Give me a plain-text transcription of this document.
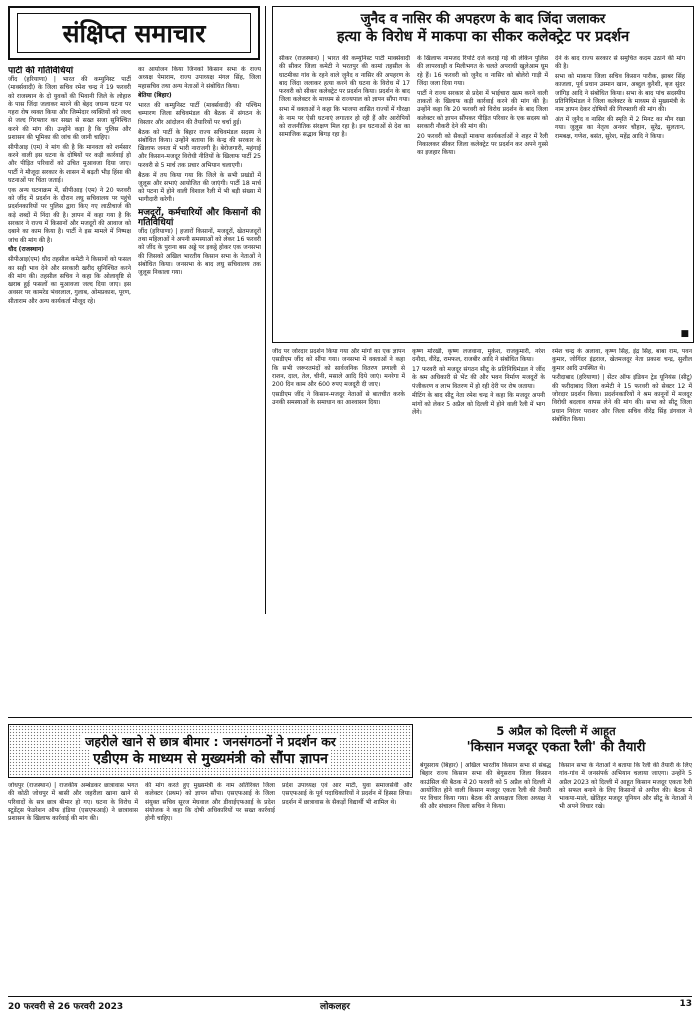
संक्षिप्त समाचार
पार्टी की गतिविधियां

जींद (हरियाणा) | भारत की कम्युनिस्ट पार्टी (मार्क्सवादी) के जिला सचिव रमेश चन्द्र ने 19 फरवरी को राजस्थान के दो युवकों की भिवानी जिले के लोहारु के पास जिंदा जलाकर मारने की बेहद जघन्य घटना पर गहरा रोष व्यक्त किया और जिम्मेदार व्यक्तियों को जल्द से जल्द गिरफ्तार कर सख्त से सख्त सजा सुनिश्चित करने की मांग की। उन्होंने कहा है कि पुलिस और प्रशासन की भूमिका की जांच की जानी चाहिए।

सीपीआइ (एम) ने मांग की है कि मानवता को शर्मसार करने वाली इस घटना के दोषियों पर कड़ी कार्रवाई हो और पीड़ित परिवारों को उचित मुआवजा दिया जाए। पार्टी ने मौजूदा सरकार के शासन में बढ़ती भीड़ हिंसा की घटनाओं पर चिंता जताई।

एक अन्य घटनाक्रम में, सीपीआइ (एम) ने 20 फरवरी को जींद में प्रदर्शन के दौरान लघु सचिवालय पर पहुंचे प्रदर्शनकारियों पर पुलिस द्वारा किए गए लाठीचार्ज की कड़े शब्दों में निंदा की है। ज्ञापन में कहा गया है कि सरकार ने राज्य में किसानों और मजदूरों की आवाज को दबाने का काम किया है। पार्टी ने इस मामले में निष्पक्ष जांच की मांग की है।

धौद (राजस्थान)

सीपीआइ(एम) धौद तहसील कमेटी ने किसानों को फसल का सही भाव देने और सरकारी खरीद सुनिश्चित करने की मांग की। तहसील सचिव ने कहा कि ओलावृष्टि से खराब हुई फसलों का मुआवजा जल्द दिया जाए। इस अवसर पर कामरेड भंवरलाल, गुलाब, ओमप्रकाश, पूरण, सीताराम और अन्य कार्यकर्ता मौजूद रहे।

का आयोजन किया जिनको किसान सभा के राज्य अध्यक्ष पेमाराम, राज्य उपाध्यक्ष मंगल सिंह, जिला महासचिव तथा अन्य नेताओं ने संबोधित किया।

बेतिया (बिहार)

भारत की कम्युनिस्ट पार्टी (मार्क्सवादी) की पश्चिम चम्पारण जिला सचिवमंडल की बैठक में संगठन के विस्तार और आंदोलन की तैयारियों पर चर्चा हुई।

बैठक को पार्टी के बिहार राज्य सचिवमंडल सदस्य ने संबोधित किया। उन्होंने बताया कि केन्द्र की सरकार के खिलाफ जनता में भारी नाराजगी है। बेरोजगारी, महंगाई और किसान-मजदूर विरोधी नीतियों के खिलाफ पार्टी 25 फरवरी से 5 मार्च तक प्रचार अभियान चलाएगी।

बैठक में तय किया गया कि जिले के सभी प्रखंडों में जुलूस और सभाएं आयोजित की जाएंगी। पार्टी 18 मार्च को पटना में होने वाली विशाल रैली में भी बड़ी संख्या में भागीदारी करेगी।

मजदूरों, कर्मचारियों और किसानों की गतिविधियां

जींद (हरियाणा) | हजारों किसानों, मजदूरों, खेतमजदूरों तथा महिलाओं ने अपनी समस्याओं को लेकर 16 फरवरी को जींद के पुराना बस अड्डे पर इकट्ठे होकर एक जनसभा की जिसको अखिल भारतीय किसान सभा के नेताओं ने संबोधित किया। जनसभा के बाद लघु सचिवालय तक जुलूस निकाला गया।

जुनैद व नासिर की अपहरण के बाद जिंदा जलाकर
हत्या के विरोध में माकपा का सीकर कलेक्ट्रेट पर प्रदर्शन

सीकर (राजस्थान) | भारत की कम्युनिस्ट पार्टी मार्क्सवादी की सीकर जिला कमेटी ने भरतपुर की कामां तहसील के घाटमीका गांव के रहने वाले जुनैद व नासिर की अपहरण के बाद जिंदा जलाकर हत्या करने की घटना के विरोध में 17 फरवरी को सीकर कलेक्ट्रेट पर प्रदर्शन किया। प्रदर्शन के बाद जिला कलेक्टर के माध्यम से राज्यपाल को ज्ञापन सौंपा गया।

सभा में वक्ताओं ने कहा कि भाजपा शासित राज्यों में गौरक्षा के नाम पर ऐसी घटनाएं लगातार हो रही हैं और आरोपियों को राजनीतिक संरक्षण मिल रहा है। इन घटनाओं से देश का सामाजिक सद्भाव बिगड़ रहा है।

के खिलाफ नामजद रिपोर्ट दर्ज कराई गई थी लेकिन पुलिस की लापरवाही व मिलीभगत के चलते अपराधी खुलेआम घूम रहे हैं। 16 फरवरी को जुनैद व नासिर को बोलेरो गाड़ी में जिंदा जला दिया गया।

पार्टी ने राज्य सरकार से प्रदेश में भाईचारा खत्म करने वाली ताकतों के खिलाफ कड़ी कार्रवाई करने की मांग की है। उन्होंने कहा कि 20 फरवरी को विरोध प्रदर्शन के बाद जिला कलेक्टर को ज्ञापन सौंपकर पीड़ित परिवार के एक सदस्य को सरकारी नौकरी देने की मांग की।

20 फरवरी को सैकड़ों माकपा कार्यकर्ताओं ने शहर में रैली निकालकर सीकर जिला कलेक्ट्रेट पर प्रदर्शन कर अपने गुस्से का इजहार किया।

देने के बाद राज्य सरकार से समुचित कदम उठाने की मांग की है।

सभा को माकपा जिला सचिव किसान पारीक, झाबर सिंह काजला, पूर्व प्रधान उस्मान खान, अब्दुल कुरैशी, बृज सुंदर जांगिड़ आदि ने संबोधित किया। सभा के बाद पांच सदस्यीय प्रतिनिधिमंडल ने जिला कलेक्टर के माध्यम से मुख्यमंत्री के नाम ज्ञापन देकर दोषियों की गिरफ्तारी की मांग की।

अंत में जुनैद व नासिर की स्मृति में 2 मिनट का मौन रखा गया। जुलूस का नेतृत्व अनवर चौहान, सुरेंद्र, सुलतान, रामबक्ष, गणेश, बसंत, सुरेश, महेंद्र आदि ने किया।

■

जींद पर जोरदार प्रदर्शन किया गया और मांगों का एक ज्ञापन एसडीएम जींद को सौंपा गया। जनसभा में वक्ताओं ने कहा कि सभी जरूरतमंदों को सार्वजनिक वितरण प्रणाली से राशन, दाल, तेल, चीनी, मसाले आदि दिये जाएं। मनरेगा में 200 दिन काम और 600 रुपए मजदूरी दी जाए।

एसडीएम जींद ने किसान-मजदूर नेताओं से बातचीत करके उनकी समस्याओं के समाधान का आश्वासन दिया।

कृष्ण मोरखी, कृष्ण लजवाना, मुकेश, राजकुमारी, नरेश दनौदा, वीरेंद्र, रामफल, राजबीर आदि ने संबोधित किया।

17 फरवरी को मजदूर संगठन सीटू के प्रतिनिधिमंडल ने जींद के श्रम अधिकारी से भेंट की और भवन निर्माण मजदूरों के पंजीकरण व लाभ वितरण में हो रही देरी पर रोष जताया।

मीटिंग के बाद सीटू नेता रमेश चन्द्र ने कहा कि मजदूर अपनी मांगों को लेकर 5 अप्रैल को दिल्ली में होने वाली रैली में भाग लेंगे।

रमेश चन्द्र के अलावा, कृष्ण सिंह, इंद्र सिंह, बाबा राम, पवन कुमार, जोगिंदर इंद्रराज, खेतमजदूर नेता प्रकाश चन्द्र, सुशील कुमार आदि उपस्थित थे।

फरीदाबाद (हरियाणा) | सेंटर ऑफ इंडियन ट्रेड यूनियंस (सीटू) की फरीदाबाद जिला कमेटी ने 15 फरवरी को सेक्टर 12 में जोरदार प्रदर्शन किया। प्रदर्शनकारियों ने श्रम कानूनों में मजदूर विरोधी बदलाव वापस लेने की मांग की। सभा को सीटू जिला प्रधान निरंतर पराशर और जिला सचिव वीरेंद्र सिंह डंगवाल ने संबोधित किया।

जहरीले खाने से छात्र बीमार : जनसंगठनों ने प्रदर्शन कर
एडीएम के माध्यम से मुख्यमंत्री को सौंपा ज्ञापन

जोधपुर (राजस्थान) | राजकीय अम्बेडकर छात्रावास भगत की कोठी जोधपुर में बासी और जहरीला खाना खाने से परिवादों के सत्र छात्र बीमार हो गए। घटना के विरोध में स्टूडेंट्स फेडरेशन ऑफ इंडिया (एसएफआई) ने छात्रावास प्रशासन के खिलाफ कार्रवाई की मांग की।

की मांग करते हुए मुख्यमंत्री के नाम अतिरिक्त जिला कलेक्टर (प्रथम) को ज्ञापन सौंपा। एसएफआई के जिला संयुक्त सचिव सूरज मेघवाल और डीवाईएफआई के प्रदेश संयोजक ने कहा कि दोषी अधिकारियों पर सख्त कार्रवाई होनी चाहिए।

प्रदेश उपाध्यक्ष एवं आर माटी, युवा समाजसेवी और एसएफआई के पूर्व पदाधिकारियों ने प्रदर्शन में हिस्सा लिया। प्रदर्शन में छात्रावास के सैकड़ों विद्यार्थी भी शामिल थे।

5 अप्रैल को दिल्ली में आहूत
'किसान मजदूर एकता रैली' की तैयारी

बेगूसराय (बिहार) | अखिल भारतीय किसान सभा से संबद्ध बिहार राज्य किसान सभा की बेगूसराय जिला किसान काउंसिल की बैठक में 20 फरवरी को 5 अप्रैल को दिल्ली में आयोजित होने वाली किसान मजदूर एकता रैली की तैयारी पर विचार किया गया। बैठक की अध्यक्षता जिला अध्यक्ष ने की और संचालन जिला सचिव ने किया।

किसान सभा के नेताओं ने बताया कि रैली की तैयारी के लिए गांव-गांव में जनसंपर्क अभियान चलाया जाएगा। उन्होंने 5 अप्रैल 2023 को दिल्ली में आहूत किसान मजदूर एकता रैली को सफल बनाने के लिए किसानों से अपील की। बैठक में भाकपा-माले, खेतिहर मजदूर यूनियन और सीटू के नेताओं ने भी अपने विचार रखे।

20 फरवरी से 26 फरवरी 2023	लोकलहर	13
